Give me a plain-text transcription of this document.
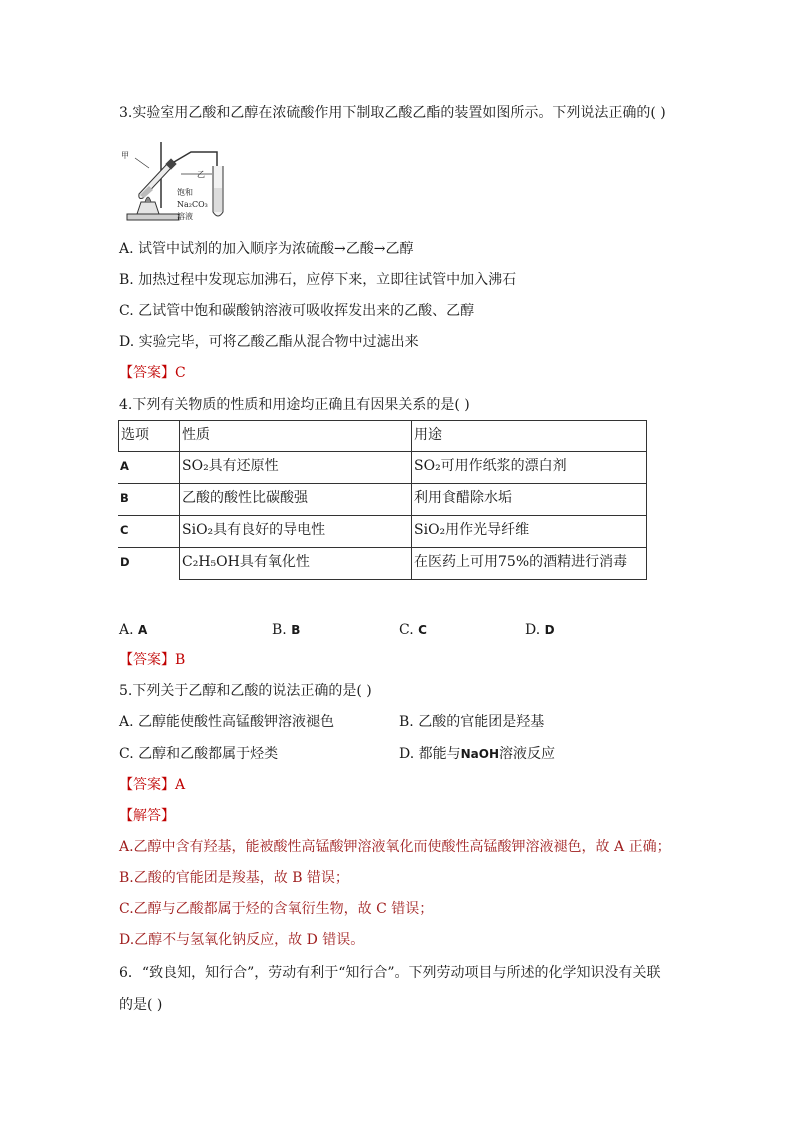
3.实验室用乙酸和乙醇在浓硫酸作用下制取乙酸乙酯的装置如图所示。下列说法正确的( )
甲
乙
饱和
Na₂CO₃
溶液
A. 试管中试剂的加入顺序为浓硫酸→乙酸→乙醇
B. 加热过程中发现忘加沸石，应停下来，立即往试管中加入沸石
C. 乙试管中饱和碳酸钠溶液可吸收挥发出来的乙酸、乙醇
D. 实验完毕，可将乙酸乙酯从混合物中过滤出来
【答案】C
4.下列有关物质的性质和用途均正确且有因果关系的是( )
选项	性质	用途
A	SO₂具有还原性	SO₂可用作纸浆的漂白剂
B	乙酸的酸性比碳酸强	利用食醋除水垢
C	SiO₂具有良好的导电性	SiO₂用作光导纤维
D	C₂H₅OH具有氧化性	在医药上可用75%的酒精进行消毒
A. A	B. B	C. C	D. D
【答案】B
5.下列关于乙醇和乙酸的说法正确的是( )
A. 乙醇能使酸性高锰酸钾溶液褪色	B. 乙酸的官能团是羟基
C. 乙醇和乙酸都属于烃类	D. 都能与NaOH溶液反应
【答案】A
【解答】
A.乙醇中含有羟基，能被酸性高锰酸钾溶液氧化而使酸性高锰酸钾溶液褪色，故 A 正确；
B.乙酸的官能团是羧基，故 B 错误；
C.乙醇与乙酸都属于烃的含氧衍生物，故 C 错误；
D.乙醇不与氢氧化钠反应，故 D 错误。
6．“致良知，知行合”，劳动有利于“知行合”。下列劳动项目与所述的化学知识没有关联
的是( )
